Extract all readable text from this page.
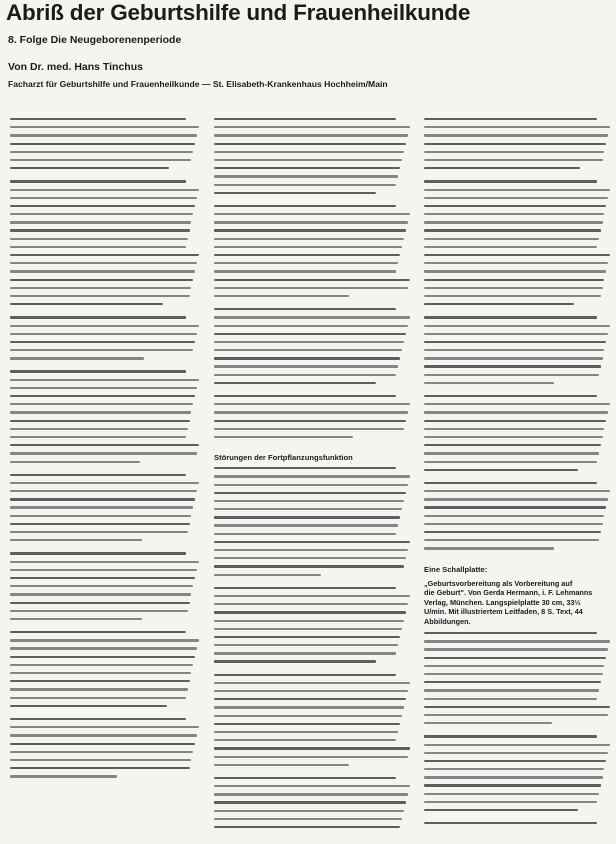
Abriß der Geburtshilfe und Frauenheilkunde
8. Folge Die Neugeborenenperiode
Von Dr. med. Hans Tinchus
Facharzt für Geburtshilfe und Frauenheilkunde — St. Elisabeth-Krankenhaus Hochheim/Main
Störungen der Fortpflanzungsfunktion
Eine Schallplatte:
„Geburtsvorbereitung als Vorbereitung auf
die Geburt". Von Gerda Hermann, i. F. Lehmanns
Verlag, München. Langspielplatte 30 cm, 33⅓
U/min. Mit illustriertem Leitfaden, 8 S. Text, 44
Abbildungen.
